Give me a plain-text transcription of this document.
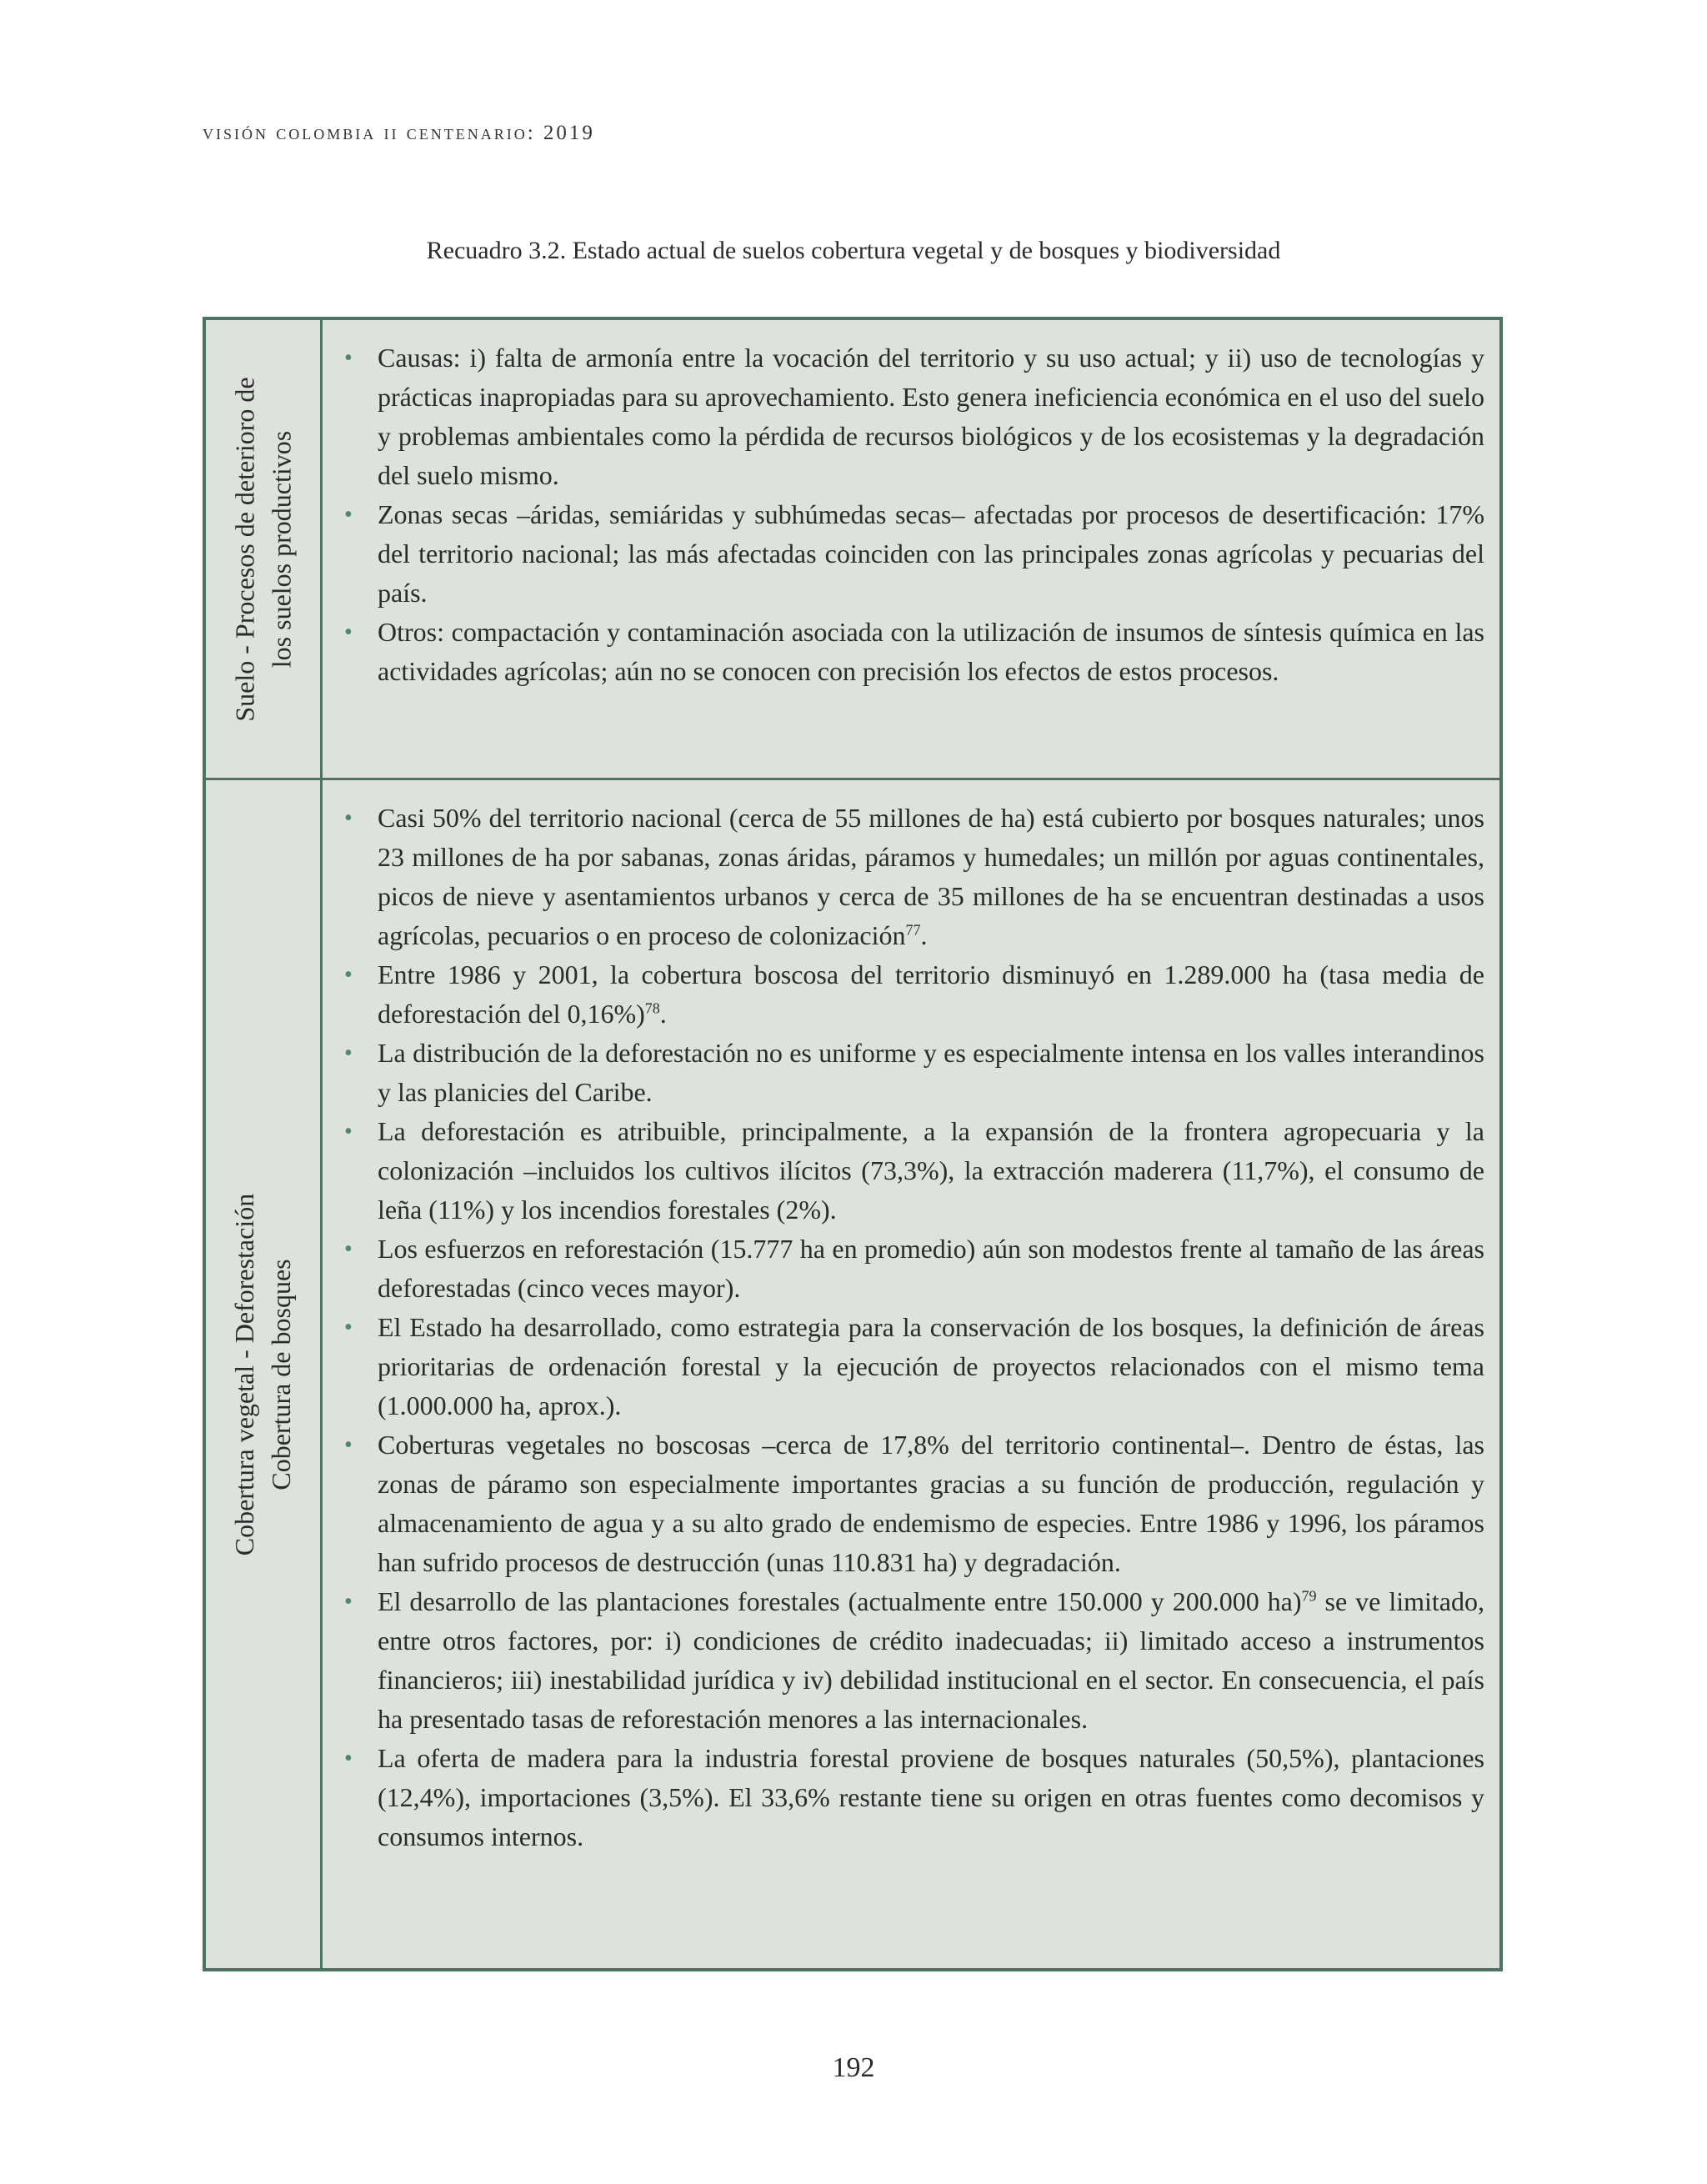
visión colombia ii centenario: 2019
Recuadro 3.2. Estado actual de suelos cobertura vegetal y de bosques y biodiversidad
Suelo - Procesos de deterioro de los suelos productivos
• Causas: i) falta de armonía entre la vocación del territorio y su uso actual; y ii) uso de tecnologías y prácticas inapropiadas para su aprovechamiento. Esto genera ineficiencia económica en el uso del suelo y problemas ambientales como la pérdida de recursos biológicos y de los ecosistemas y la degradación del suelo mismo.
• Zonas secas –áridas, semiáridas y subhúmedas secas– afectadas por procesos de desertificación: 17% del territorio nacional; las más afectadas coinciden con las principales zonas agrícolas y pecuarias del país.
• Otros: compactación y contaminación asociada con la utilización de insumos de síntesis química en las actividades agrícolas; aún no se conocen con precisión los efectos de estos procesos.
Cobertura vegetal - Deforestación Cobertura de bosques
• Casi 50% del territorio nacional (cerca de 55 millones de ha) está cubierto por bosques naturales; unos 23 millones de ha por sabanas, zonas áridas, páramos y humedales; un millón por aguas continentales, picos de nieve y asentamientos urbanos y cerca de 35 millones de ha se encuentran destinadas a usos agrícolas, pecuarios o en proceso de colonización$^{77}$.
• Entre 1986 y 2001, la cobertura boscosa del territorio disminuyó en 1.289.000 ha (tasa media de deforestación del 0,16%)$^{78}$.
• La distribución de la deforestación no es uniforme y es especialmente intensa en los valles interandinos y las planicies del Caribe.
• La deforestación es atribuible, principalmente, a la expansión de la frontera agropecuaria y la colonización –incluidos los cultivos ilícitos (73,3%), la extracción maderera (11,7%), el consumo de leña (11%) y los incendios forestales (2%).
• Los esfuerzos en reforestación (15.777 ha en promedio) aún son modestos frente al tamaño de las áreas deforestadas (cinco veces mayor).
• El Estado ha desarrollado, como estrategia para la conservación de los bosques, la definición de áreas prioritarias de ordenación forestal y la ejecución de proyectos relacionados con el mismo tema (1.000.000 ha, aprox.).
• Coberturas vegetales no boscosas –cerca de 17,8% del territorio continental–. Dentro de éstas, las zonas de páramo son especialmente importantes gracias a su función de producción, regulación y almacenamiento de agua y a su alto grado de endemismo de especies. Entre 1986 y 1996, los páramos han sufrido procesos de destrucción (unas 110.831 ha) y degradación.
• El desarrollo de las plantaciones forestales (actualmente entre 150.000 y 200.000 ha)$^{79}$ se ve limitado, entre otros factores, por: i) condiciones de crédito inadecuadas; ii) limitado acceso a instrumentos financieros; iii) inestabilidad jurídica y iv) debilidad institucional en el sector. En consecuencia, el país ha presentado tasas de reforestación menores a las internacionales.
• La oferta de madera para la industria forestal proviene de bosques naturales (50,5%), plantaciones (12,4%), importaciones (3,5%). El 33,6% restante tiene su origen en otras fuentes como decomisos y consumos internos.
192
